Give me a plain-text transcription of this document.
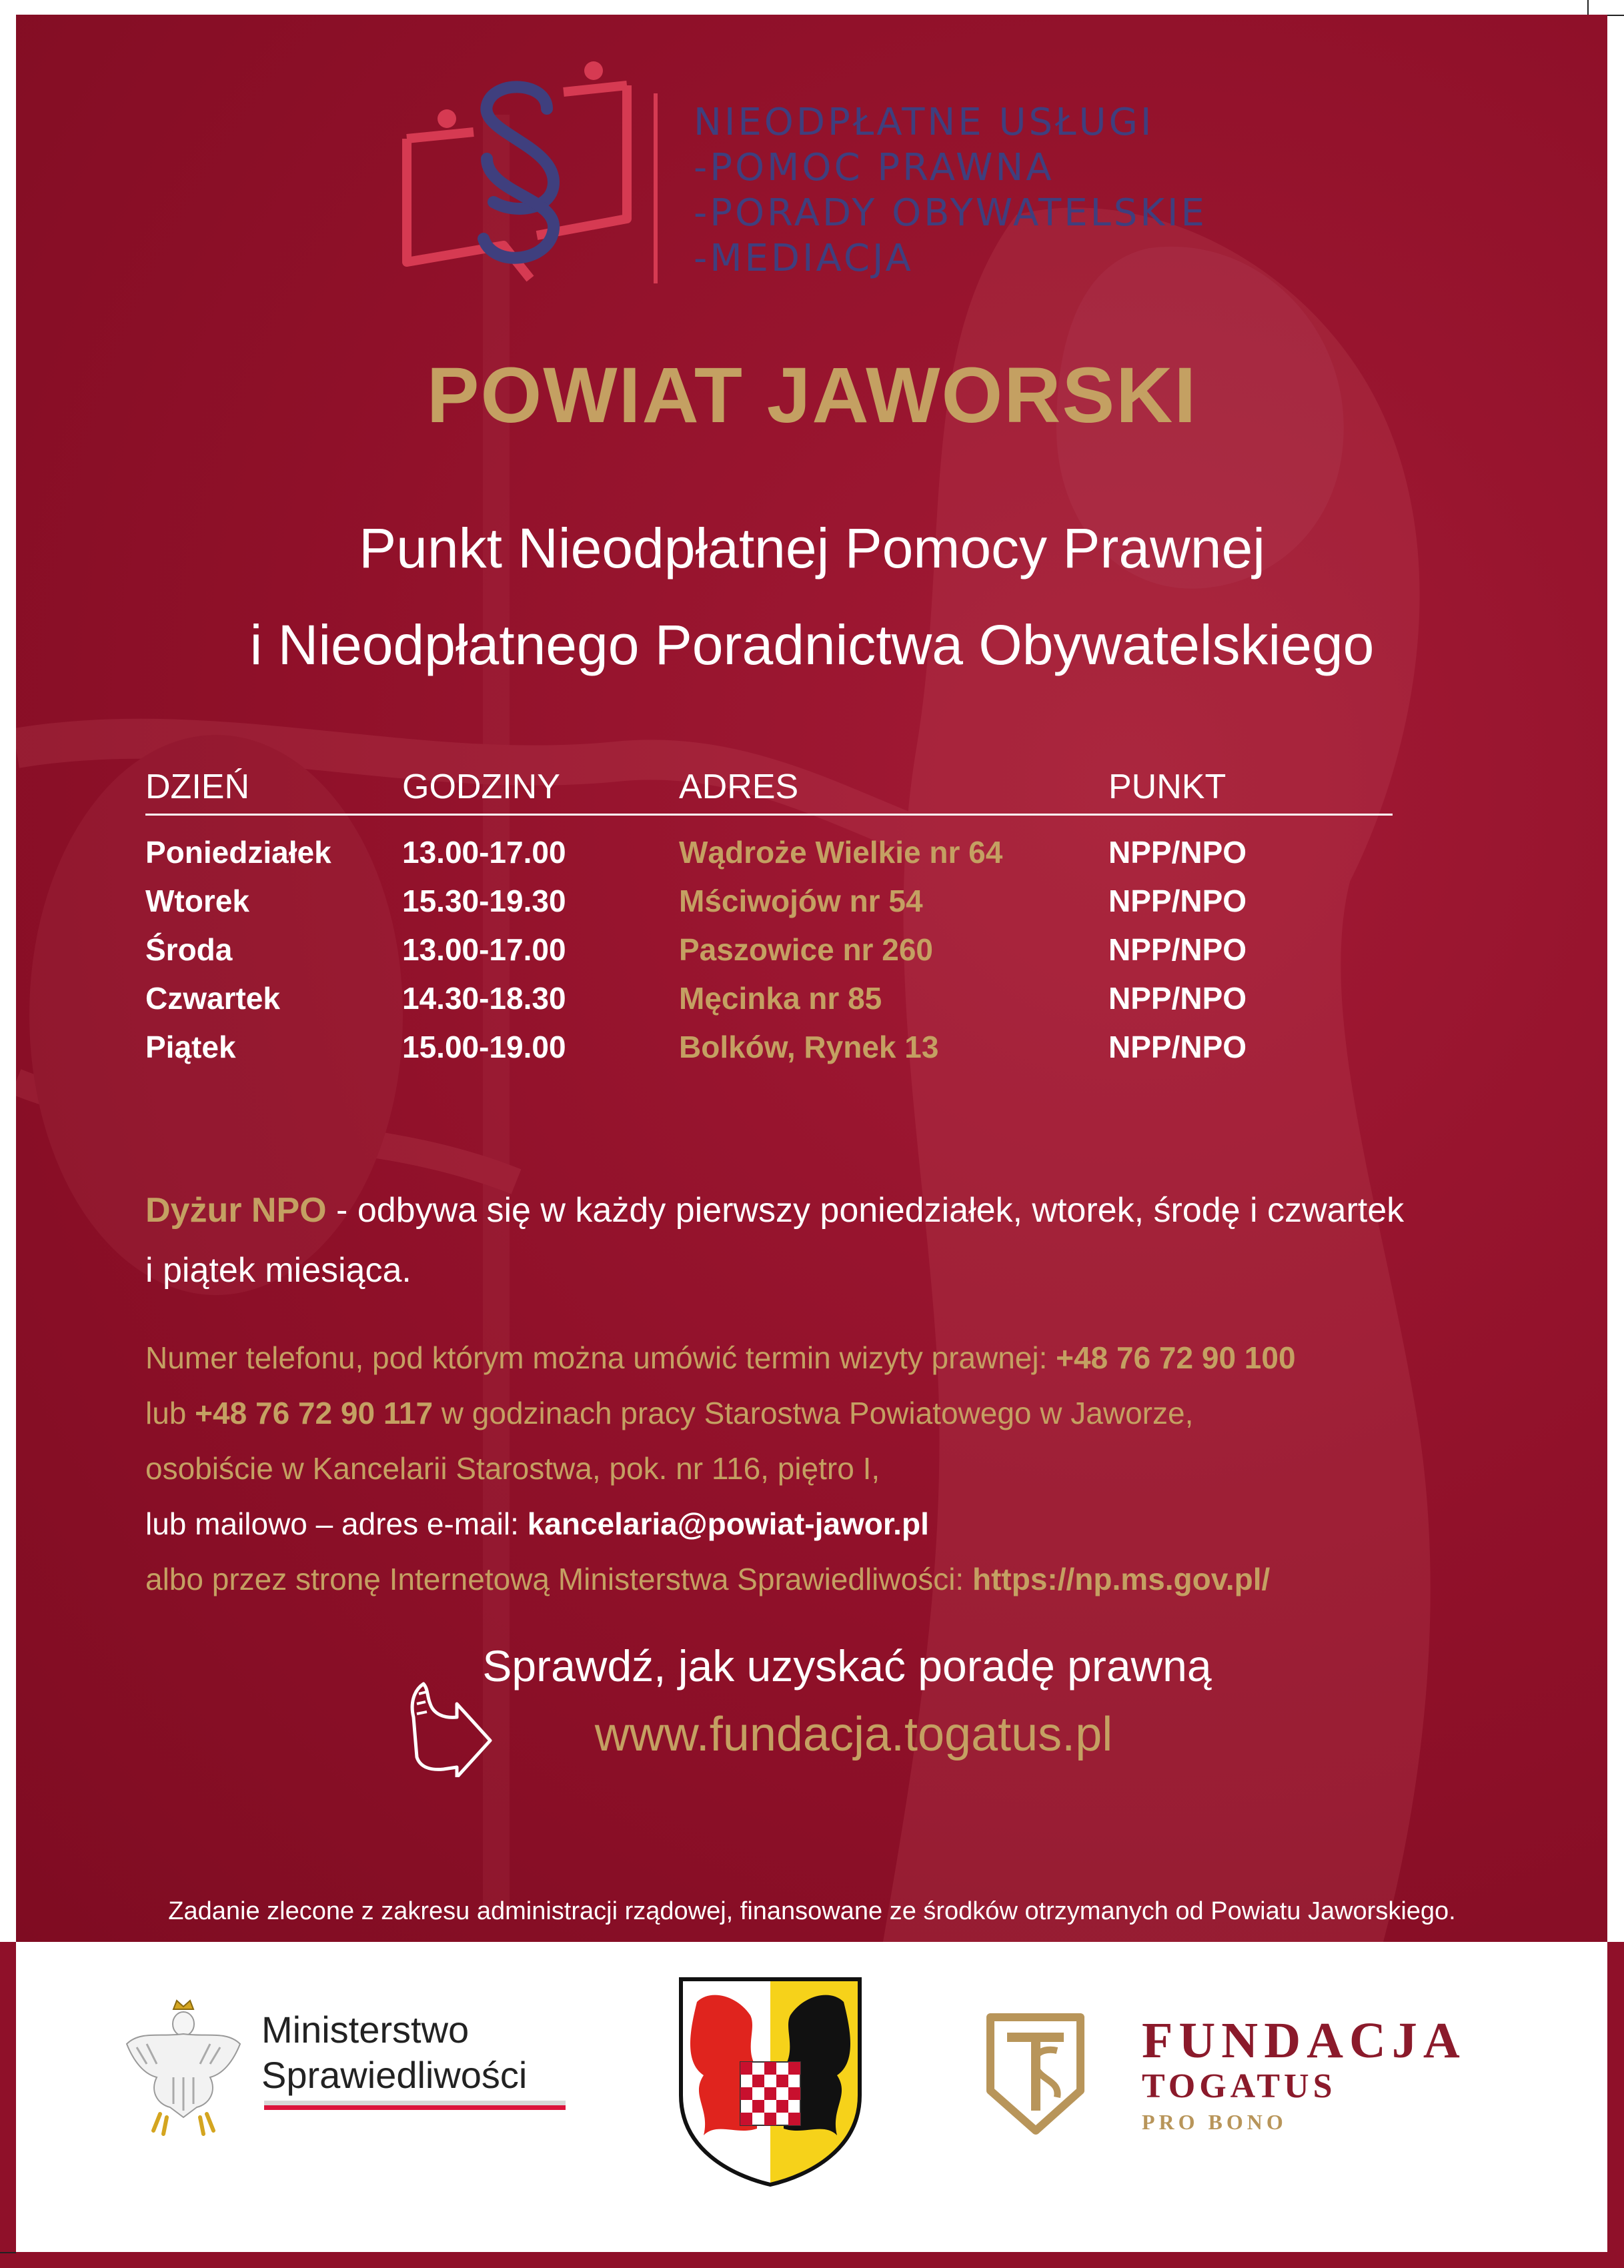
NIEODPŁATNE USŁUGI
-POMOC PRAWNA
-PORADY OBYWATELSKIE
-MEDIACJA
POWIAT JAWORSKI
Punkt Nieodpłatnej Pomocy Prawnej
i Nieodpłatnego Poradnictwa Obywatelskiego
DZIEŃ	GODZINY	ADRES	PUNKT
Poniedziałek 13.00-17.00	Wądroże Wielkie nr 64	NPP/NPO
Wtorek	15.30-19.30	Mściwojów nr 54	NPP/NPO
Środa	13.00-17.00	Paszowice nr 260	NPP/NPO
Czwartek	14.30-18.30	Męcinka nr 85	NPP/NPO
Piątek	15.00-19.00	Bolków, Rynek 13	NPP/NPO
Dyżur NPO - odbywa się w każdy pierwszy poniedziałek, wtorek, środę i czwartek
i piątek miesiąca.
Numer telefonu, pod którym można umówić termin wizyty prawnej: +48 76 72 90 100
lub +48 76 72 90 117 w godzinach pracy Starostwa Powiatowego w Jaworze,
osobiście w Kancelarii Starostwa, pok. nr 116, piętro I,
lub mailowo – adres e-mail: kancelaria@powiat-jawor.pl
albo przez stronę Internetową Ministerstwa Sprawiedliwości: https://np.ms.gov.pl/
Sprawdź, jak uzyskać poradę prawną
www.fundacja.togatus.pl
Zadanie zlecone z zakresu administracji rządowej, finansowane ze środków otrzymanych od Powiatu Jaworskiego.
Ministerstwo
Sprawiedliwości
FUNDACJA
TOGATUS
PRO BONO
